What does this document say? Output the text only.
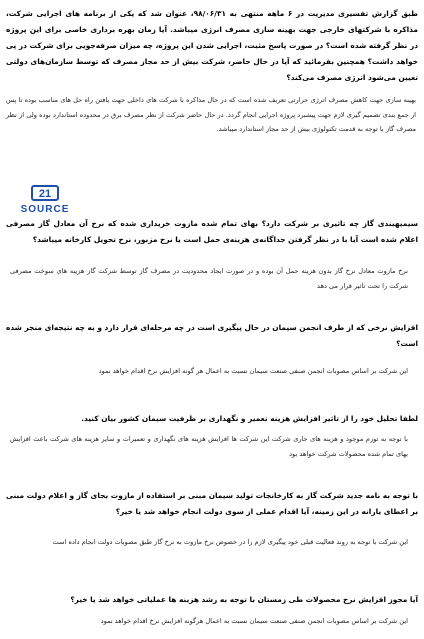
طبق گزارش تفسیری مدیریت در ۶ ماهه منتهی به ۹۸/۰۶/۳۱، عنوان شد که یکی از برنامه های اجرایی شرکت، مذاکره با شرکتهای خارجی جهت بهینه سازی مصرف انرژی میباشد. آیا زمان بهره برداری خاصی برای این پروژه در نظر گرفته شده است؟ در صورت پاسخ مثبت، اجرایی شدن این پروژه، چه میزان صرفه‌جویی برای شرکت در پی خواهد داشت؟ همچنین بفرمائید که آیا در حال حاضر، شرکت بیش از حد مجاز مصرف که توسط سازمان‌های دولتی تعیین می‌شود انرژی مصرف می‌کند؟
بهینه سازی جهت کاهش مصرف انرژی حرارتی تعریف شده است که در حال مذاکره با شرکت های داخلی جهت یافتن راه حل های مناسب بوده تا پس از جمع بندی تصمیم گیری لازم جهت پیشبرد پروژه اجرایی انجام گردد. در حال حاضر شرکت از نظر مصرف برق در محدوده استاندارد بوده ولی از نظر مصرف گاز با توجه به قدمت تکنولوژی بیش از حد مجاز استاندارد میباشد.
21
SOURCE
سیمیهبندی گاز چه تاثیری بر شرکت دارد؟ بهای تمام شده مازوت خریداری شده که نرخ آن معادل گاز مصرفی اعلام شده است آیا با در نظر گرفتن جداگانه‌ی هزینه‌ی حمل است یا نرخ مزبور، نرخ تحویل کارخانه میباشد؟
نرخ مازوت معادل نرخ گاز بدون هزینه حمل آن بوده و در صورت ایجاد محدودیت در مصرف گاز توسط شرکت گاز هزینه های سوخت مصرفی شرکت را تحت تاثیر قرار می دهد
افزایش نرخی که از طرف انجمن سیمان در حال پیگیری است در چه مرحله‌ای قرار دارد و به چه نتیجه‌ای منجر شده است؟
این شرکت بر اساس مصوبات انجمن صنفی صنعت سیمان نسبت به اعمال هر گونه افزایش نرخ اقدام خواهد نمود
لطفا تحلیل خود را از تاثیر افزایش هزینه تعمیر و نگهداری بر ظرفیت سیمان کشور بیان کنید.
با توجه به تورم موجود و هزینه های جاری شرکت این شرکت ها افزایش هزینه های نگهداری و تعمیرات و سایر هزینه های شرکت باعث افزایش بهای تمام شده محصولات شرکت خواهد بود
با توجه به نامه جدید شرکت گاز به کارخانجات تولید سیمان مبنی بر استفاده از مازوت بجای گاز و اعلام دولت مبنی بر اعطای یارانه در این زمینه، آیا اقدام عملی از سوی دولت انجام خواهد شد یا خیر؟
این شرکت با توجه به روند فعالیت قبلی خود پیگیری لازم را در خصوص نرخ مازوت به نرخ گاز طبق مصوبات دولت انجام داده است
آیا مجوز افزایش نرخ محصولات طی زمستان با توجه به رشد هزینه ها عملیاتی خواهد شد یا خیر؟
این شرکت بر اساس مصوبات انجمن صنفی صنعت سیمان نسبت به اعمال هرگونه افزایش نرخ اقدام خواهد نمود
